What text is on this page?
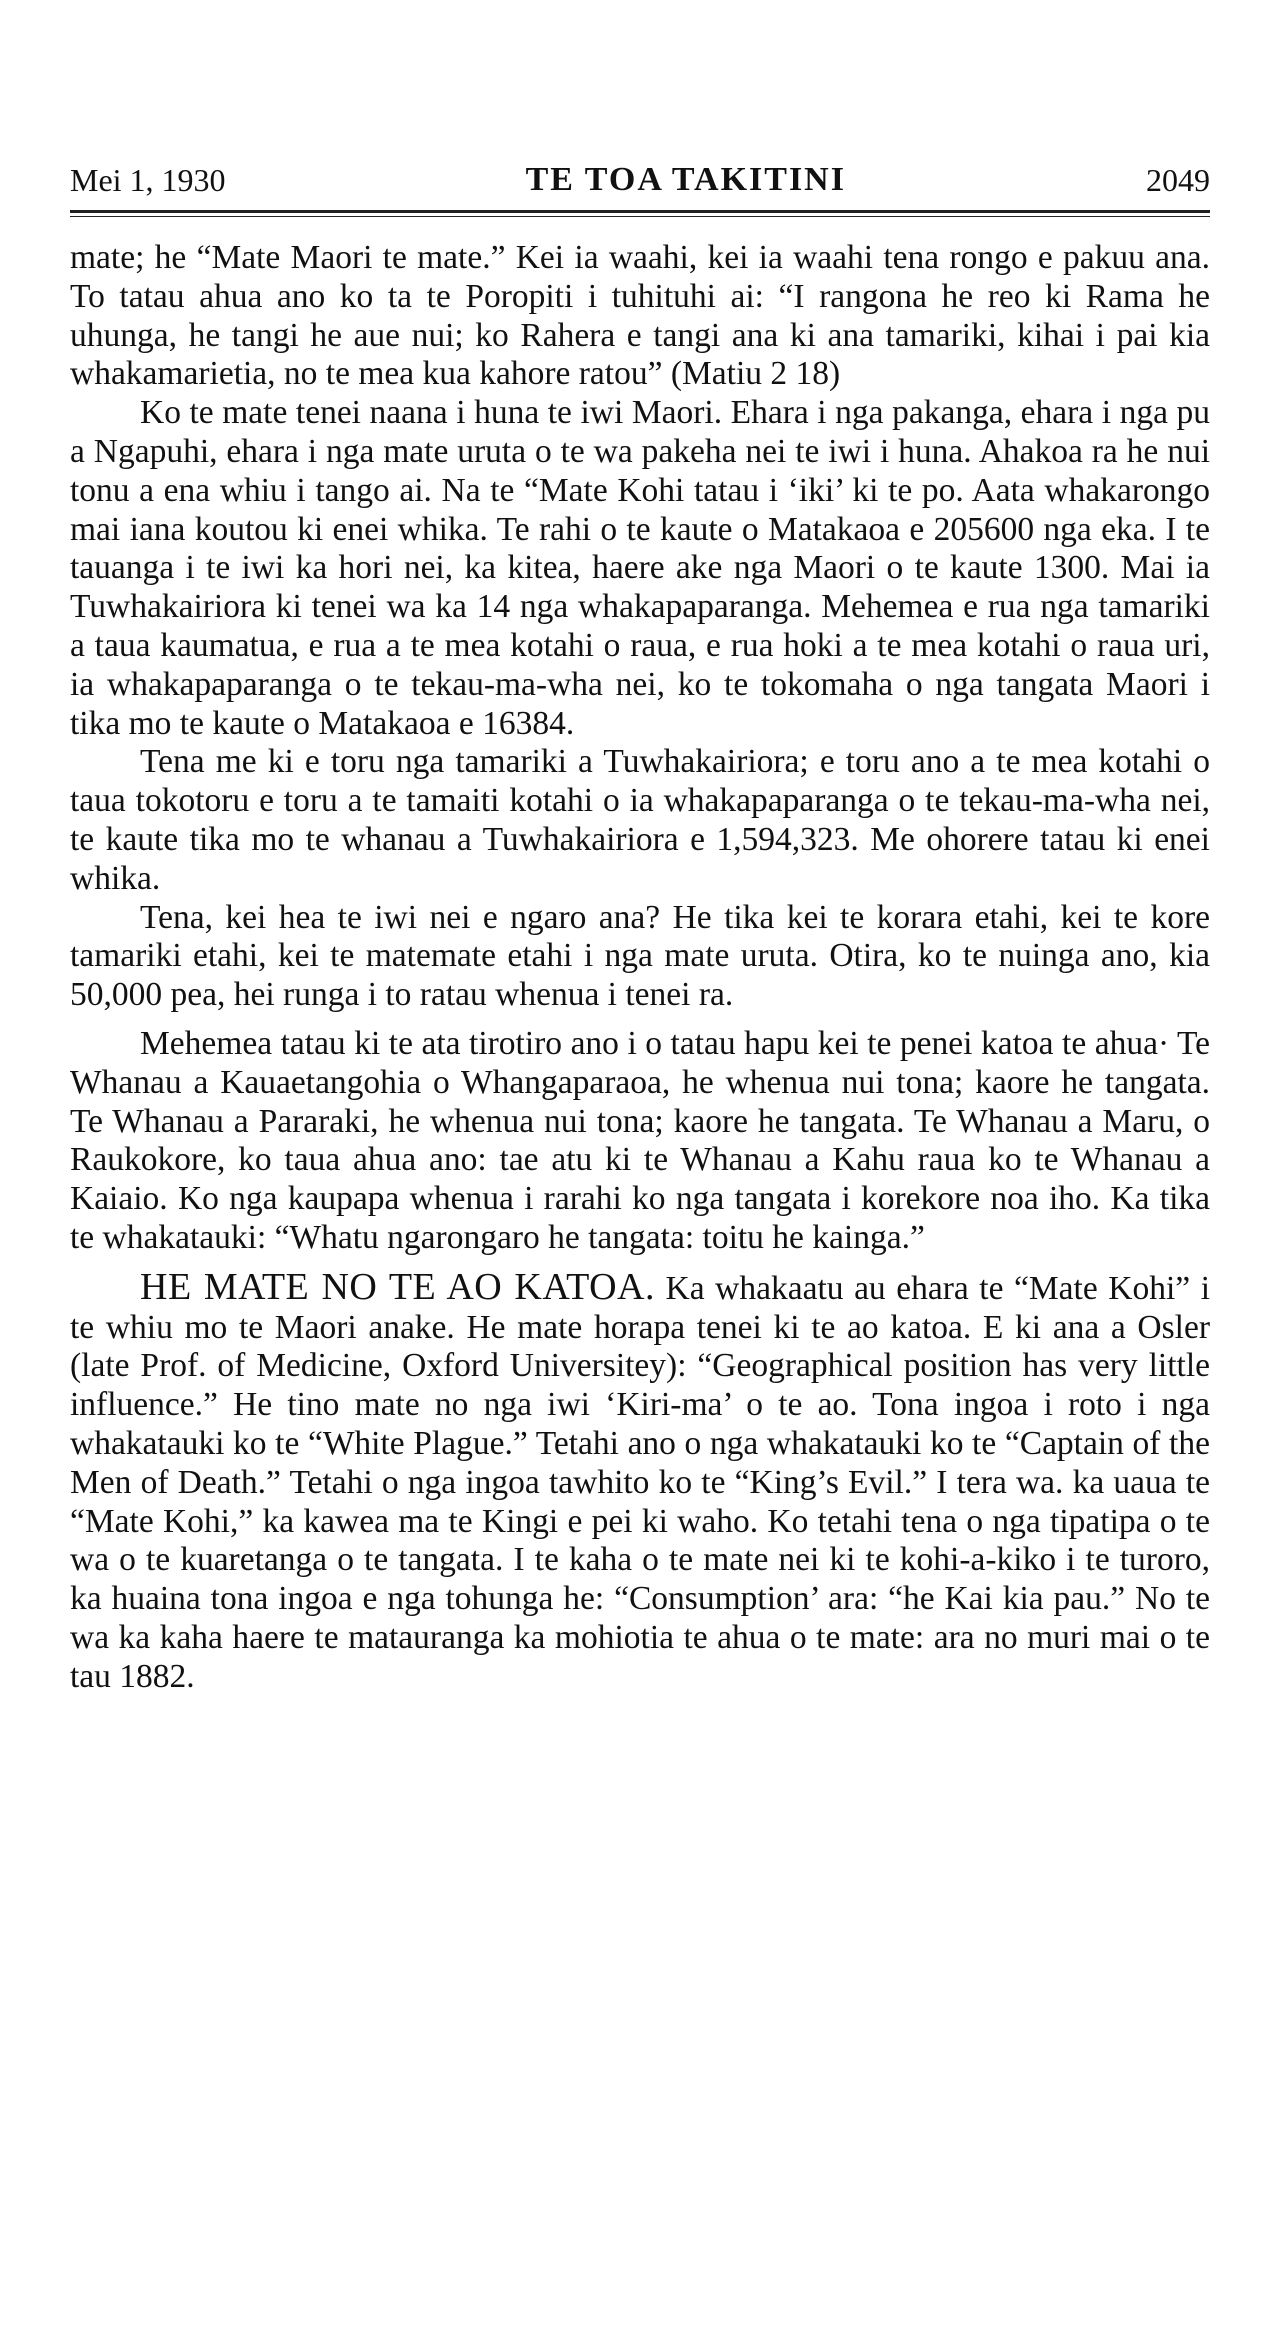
Mei 1, 1930	TE TOA TAKITINI	2049

mate; he “Mate Maori te mate.” Kei ia waahi, kei ia waahi tena rongo e pakuu ana. To tatau ahua ano ko ta te Poropiti i tuhituhi ai: “I rangona he reo ki Rama he uhunga, he tangi he aue nui; ko Rahera e tangi ana ki ana tamariki, kihai i pai kia whakamarietia, no te mea kua kahore ratou” (Matiu 2 18)

Ko te mate tenei naana i huna te iwi Maori. Ehara i nga pakanga, ehara i nga pu a Ngapuhi, ehara i nga mate uruta o te wa pakeha nei te iwi i huna. Ahakoa ra he nui tonu a ena whiu i tango ai. Na te “Mate Kohi tatau i ‘iki’ ki te po. Aata whakarongo mai iana koutou ki enei whika. Te rahi o te kaute o Matakaoa e 205600 nga eka. I te tauanga i te iwi ka hori nei, ka kitea, haere ake nga Maori o te kaute 1300. Mai ia Tuwhakairiora ki tenei wa ka 14 nga whakapaparanga. Mehemea e rua nga tamariki a taua kaumatua, e rua a te mea kotahi o raua, e rua hoki a te mea kotahi o raua uri, ia whakapaparanga o te tekau-ma-wha nei, ko te tokomaha o nga tangata Maori i tika mo te kaute o Matakaoa e 16384.

Tena me ki e toru nga tamariki a Tuwhakairiora; e toru ano a te mea kotahi o taua tokotoru e toru a te tamaiti kotahi o ia whakapaparanga o te tekau-ma-wha nei, te kaute tika mo te whanau a Tuwhakairiora e 1,594,323. Me ohorere tatau ki enei whika.

Tena, kei hea te iwi nei e ngaro ana? He tika kei te korara etahi, kei te kore tamariki etahi, kei te matemate etahi i nga mate uruta. Otira, ko te nuinga ano, kia 50,000 pea, hei runga i to ratau whenua i tenei ra.

Mehemea tatau ki te ata tirotiro ano i o tatau hapu kei te penei katoa te ahua· Te Whanau a Kauaetangohia o Whangaparaoa, he whenua nui tona; kaore he tangata. Te Whanau a Pararaki, he whenua nui tona; kaore he tangata. Te Whanau a Maru, o Raukokore, ko taua ahua ano: tae atu ki te Whanau a Kahu raua ko te Whanau a Kaiaio. Ko nga kaupapa whenua i rarahi ko nga tangata i korekore noa iho. Ka tika te whakatauki: “Whatu ngarongaro he tangata: toitu he kainga.”

HE MATE NO TE AO KATOA. Ka whakaatu au ehara te “Mate Kohi” i te whiu mo te Maori anake. He mate horapa tenei ki te ao katoa. E ki ana a Osler (late Prof. of Medicine, Oxford Universitey): “Geographical position has very little influence.” He tino mate no nga iwi ‘Kiri-ma’ o te ao. Tona ingoa i roto i nga whakatauki ko te “White Plague.” Tetahi ano o nga whakatauki ko te “Captain of the Men of Death.” Tetahi o nga ingoa tawhito ko te “King’s Evil.” I tera wa. ka uaua te “Mate Kohi,” ka kawea ma te Kingi e pei ki waho. Ko tetahi tena o nga tipatipa o te wa o te kuaretanga o te tangata. I te kaha o te mate nei ki te kohi-a-kiko i te turoro, ka huaina tona ingoa e nga tohunga he: “Consumption’ ara: “he Kai kia pau.” No te wa ka kaha haere te matauranga ka mohiotia te ahua o te mate: ara no muri mai o te tau 1882.
